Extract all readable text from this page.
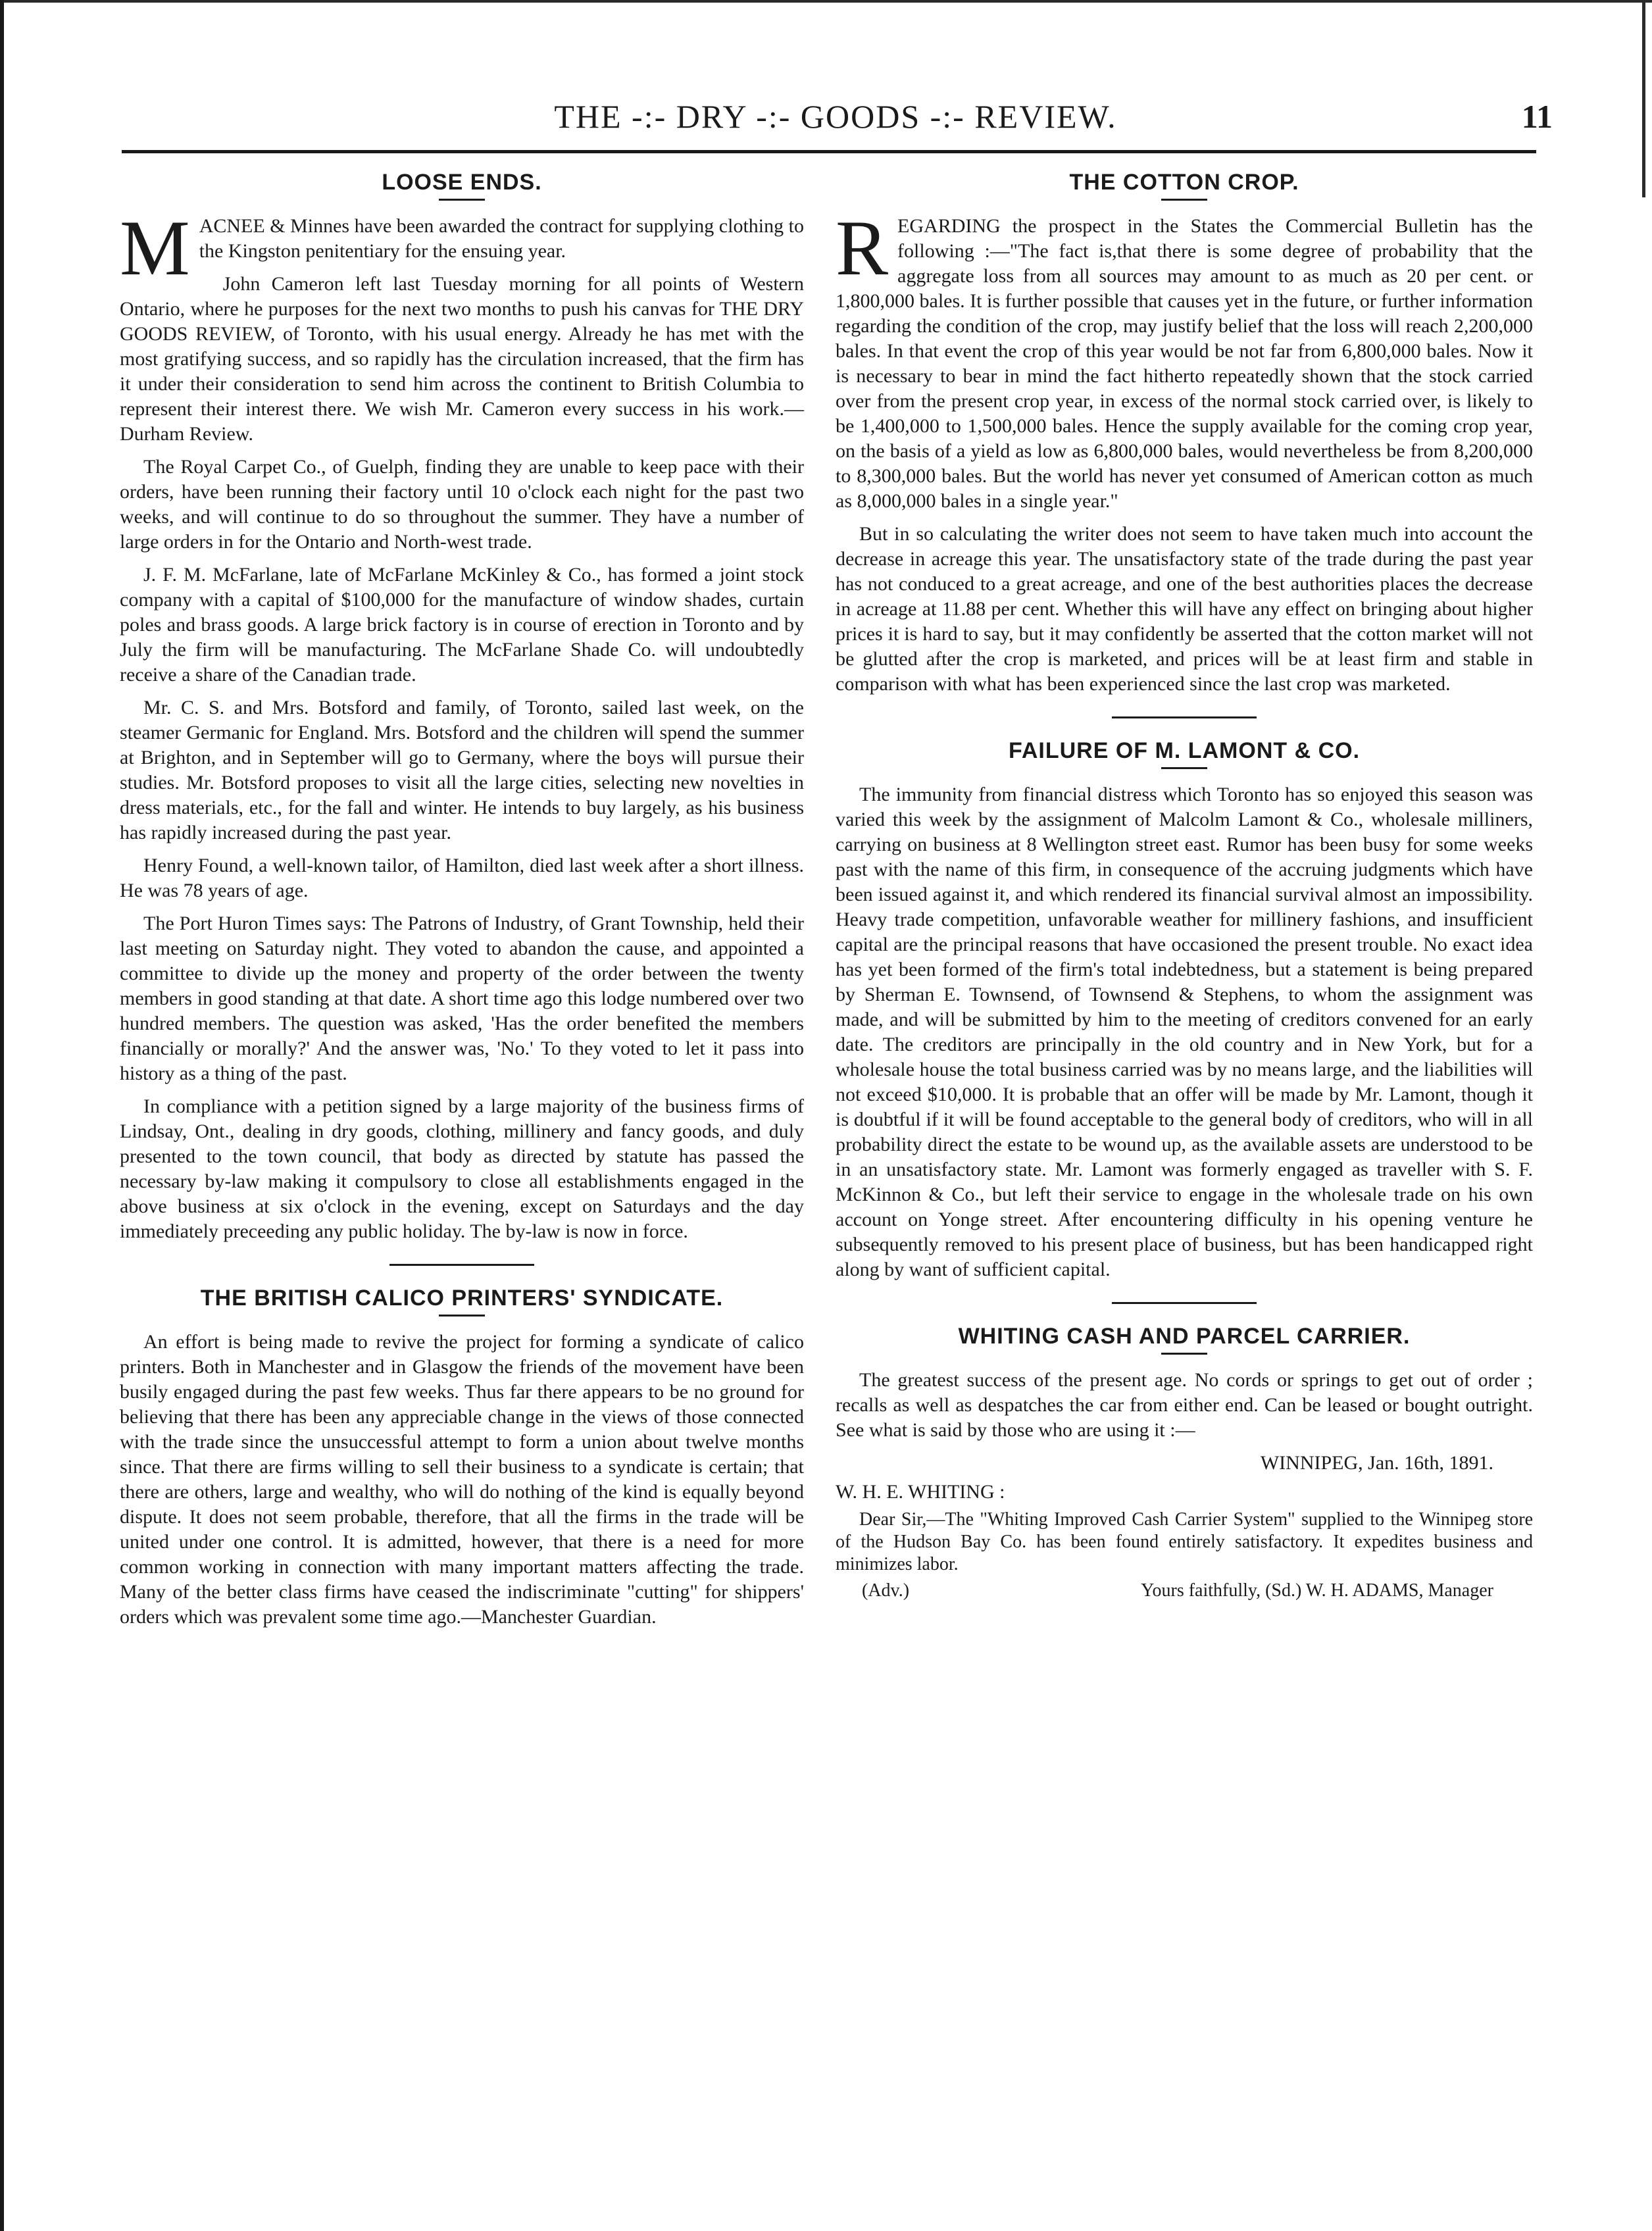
THE -:- DRY -:- GOODS -:- REVIEW.	11
LOOSE ENDS.

MACNEE & Minnes have been awarded the contract for supplying clothing to the Kingston penitentiary for the ensuing year.

John Cameron left last Tuesday morning for all points of Western Ontario, where he purposes for the next two months to push his canvas for THE DRY GOODS REVIEW, of Toronto, with his usual energy. Already he has met with the most gratifying success, and so rapidly has the circulation increased, that the firm has it under their consideration to send him across the continent to British Columbia to represent their interest there. We wish Mr. Cameron every success in his work.—Durham Review.

The Royal Carpet Co., of Guelph, finding they are unable to keep pace with their orders, have been running their factory until 10 o'clock each night for the past two weeks, and will continue to do so throughout the summer. They have a number of large orders in for the Ontario and North-west trade.

J. F. M. McFarlane, late of McFarlane McKinley & Co., has formed a joint stock company with a capital of $100,000 for the manufacture of window shades, curtain poles and brass goods. A large brick factory is in course of erection in Toronto and by July the firm will be manufacturing. The McFarlane Shade Co. will undoubtedly receive a share of the Canadian trade.

Mr. C. S. and Mrs. Botsford and family, of Toronto, sailed last week, on the steamer Germanic for England. Mrs. Botsford and the children will spend the summer at Brighton, and in September will go to Germany, where the boys will pursue their studies. Mr. Botsford proposes to visit all the large cities, selecting new novelties in dress materials, etc., for the fall and winter. He intends to buy largely, as his business has rapidly increased during the past year.

Henry Found, a well-known tailor, of Hamilton, died last week after a short illness. He was 78 years of age.

The Port Huron Times says: The Patrons of Industry, of Grant Township, held their last meeting on Saturday night. They voted to abandon the cause, and appointed a committee to divide up the money and property of the order between the twenty members in good standing at that date. A short time ago this lodge numbered over two hundred members. The question was asked, 'Has the order benefited the members financially or morally?' And the answer was, 'No.' To they voted to let it pass into history as a thing of the past.

In compliance with a petition signed by a large majority of the business firms of Lindsay, Ont., dealing in dry goods, clothing, millinery and fancy goods, and duly presented to the town council, that body as directed by statute has passed the necessary by-law making it compulsory to close all establishments engaged in the above business at six o'clock in the evening, except on Saturdays and the day immediately preceeding any public holiday. The by-law is now in force.

THE BRITISH CALICO PRINTERS' SYNDICATE.

An effort is being made to revive the project for forming a syndicate of calico printers. Both in Manchester and in Glasgow the friends of the movement have been busily engaged during the past few weeks. Thus far there appears to be no ground for believing that there has been any appreciable change in the views of those connected with the trade since the unsuccessful attempt to form a union about twelve months since. That there are firms willing to sell their business to a syndicate is certain; that there are others, large and wealthy, who will do nothing of the kind is equally beyond dispute. It does not seem probable, therefore, that all the firms in the trade will be united under one control. It is admitted, however, that there is a need for more common working in connection with many important matters affecting the trade. Many of the better class firms have ceased the indiscriminate "cutting" for shippers' orders which was prevalent some time ago.—Manchester Guardian.

THE COTTON CROP.

REGARDING the prospect in the States the Commercial Bulletin has the following :—"The fact is,that there is some degree of probability that the aggregate loss from all sources may amount to as much as 20 per cent. or 1,800,000 bales. It is further possible that causes yet in the future, or further information regarding the condition of the crop, may justify belief that the loss will reach 2,200,000 bales. In that event the crop of this year would be not far from 6,800,000 bales. Now it is necessary to bear in mind the fact hitherto repeatedly shown that the stock carried over from the present crop year, in excess of the normal stock carried over, is likely to be 1,400,000 to 1,500,000 bales. Hence the supply available for the coming crop year, on the basis of a yield as low as 6,800,000 bales, would nevertheless be from 8,200,000 to 8,300,000 bales. But the world has never yet consumed of American cotton as much as 8,000,000 bales in a single year."

But in so calculating the writer does not seem to have taken much into account the decrease in acreage this year. The unsatisfactory state of the trade during the past year has not conduced to a great acreage, and one of the best authorities places the decrease in acreage at 11.88 per cent. Whether this will have any effect on bringing about higher prices it is hard to say, but it may confidently be asserted that the cotton market will not be glutted after the crop is marketed, and prices will be at least firm and stable in comparison with what has been experienced since the last crop was marketed.

FAILURE OF M. LAMONT & CO.

The immunity from financial distress which Toronto has so enjoyed this season was varied this week by the assignment of Malcolm Lamont & Co., wholesale milliners, carrying on business at 8 Wellington street east. Rumor has been busy for some weeks past with the name of this firm, in consequence of the accruing judgments which have been issued against it, and which rendered its financial survival almost an impossibility. Heavy trade competition, unfavorable weather for millinery fashions, and insufficient capital are the principal reasons that have occasioned the present trouble. No exact idea has yet been formed of the firm's total indebtedness, but a statement is being prepared by Sherman E. Townsend, of Townsend & Stephens, to whom the assignment was made, and will be submitted by him to the meeting of creditors convened for an early date. The creditors are principally in the old country and in New York, but for a wholesale house the total business carried was by no means large, and the liabilities will not exceed $10,000. It is probable that an offer will be made by Mr. Lamont, though it is doubtful if it will be found acceptable to the general body of creditors, who will in all probability direct the estate to be wound up, as the available assets are understood to be in an unsatisfactory state. Mr. Lamont was formerly engaged as traveller with S. F. McKinnon & Co., but left their service to engage in the wholesale trade on his own account on Yonge street. After encountering difficulty in his opening venture he subsequently removed to his present place of business, but has been handicapped right along by want of sufficient capital.

WHITING CASH AND PARCEL CARRIER.

The greatest success of the present age. No cords or springs to get out of order ; recalls as well as despatches the car from either end. Can be leased or bought outright. See what is said by those who are using it :—

WINNIPEG, Jan. 16th, 1891.
W. H. E. WHITING :

Dear Sir,—The "Whiting Improved Cash Carrier System" supplied to the Winnipeg store of the Hudson Bay Co. has been found entirely satisfactory. It expedites business and minimizes labor.

(Adv.)	Yours faithfully, (Sd.) W. H. ADAMS, Manager
